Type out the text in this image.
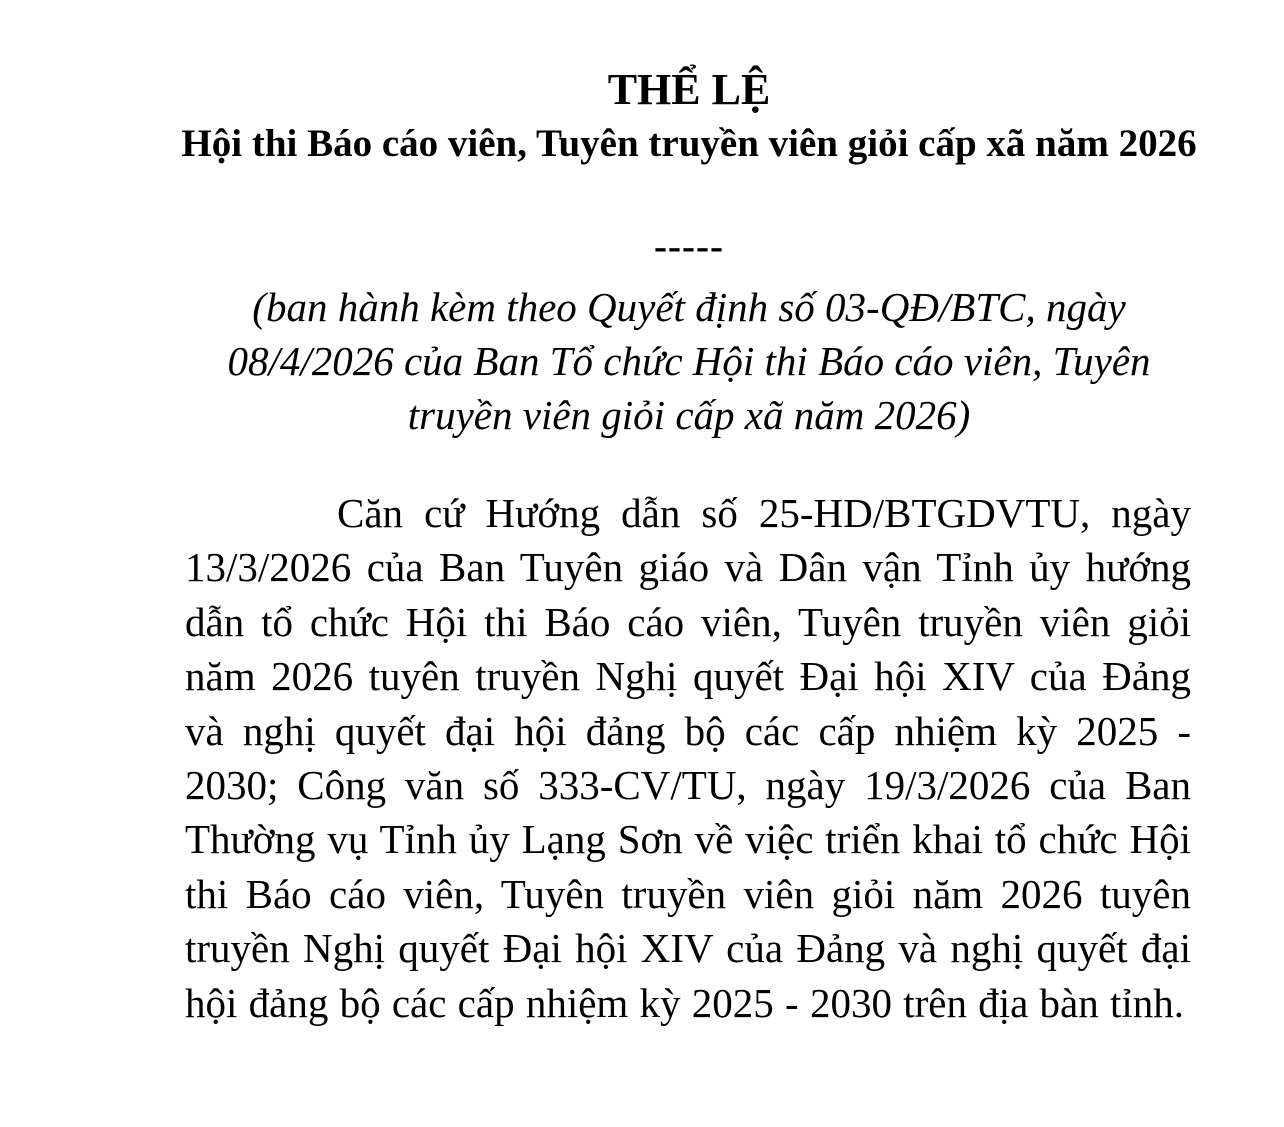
THỂ LỆ
Hội thi Báo cáo viên, Tuyên truyền viên giỏi cấp xã năm 2026
-----

(ban hành kèm theo Quyết định số 03-QĐ/BTC, ngày 08/4/2026 của Ban Tổ chức Hội thi Báo cáo viên, Tuyên truyền viên giỏi cấp xã năm 2026)

Căn cứ Hướng dẫn số 25-HD/BTGDVTU, ngày 13/3/2026 của Ban Tuyên giáo và Dân vận Tỉnh ủy hướng dẫn tổ chức Hội thi Báo cáo viên, Tuyên truyền viên giỏi năm 2026 tuyên truyền Nghị quyết Đại hội XIV của Đảng và nghị quyết đại hội đảng bộ các cấp nhiệm kỳ 2025 - 2030; Công văn số 333-CV/TU, ngày 19/3/2026 của Ban Thường vụ Tỉnh ủy Lạng Sơn về việc triển khai tổ chức Hội thi Báo cáo viên, Tuyên truyền viên giỏi năm 2026 tuyên truyền Nghị quyết Đại hội XIV của Đảng và nghị quyết đại hội đảng bộ các cấp nhiệm kỳ 2025 - 2030 trên địa bàn tỉnh.
